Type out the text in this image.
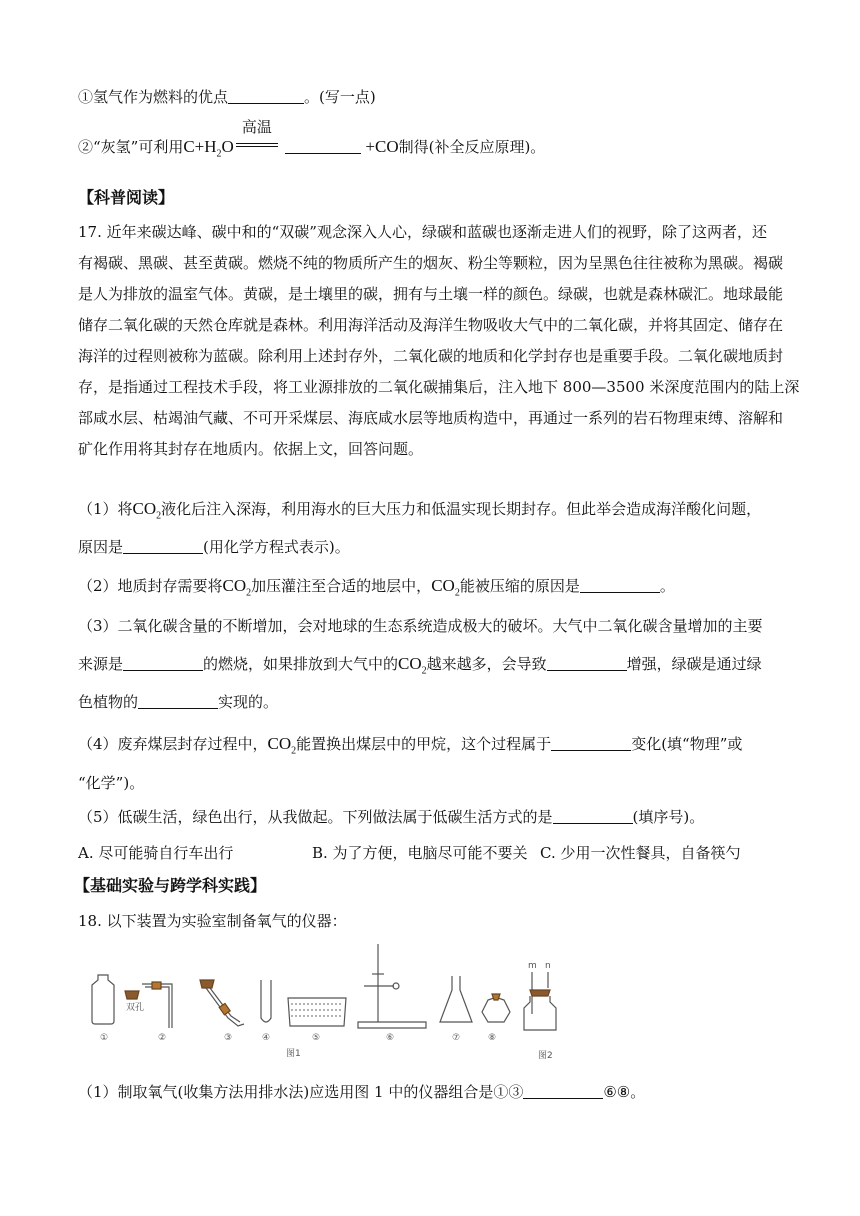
①氢气作为燃料的优点	。(写一点)
②“灰氢”可利用$C+H_2O$
高温
+CO制得(补全反应原理)。
【科普阅读】
17. 近年来碳达峰、碳中和的“双碳”观念深入人心，绿碳和蓝碳也逐渐走进人们的视野，除了这两者，还
有褐碳、黑碳、甚至黄碳。燃烧不纯的物质所产生的烟灰、粉尘等颗粒，因为呈黑色往往被称为黑碳。褐碳
是人为排放的温室气体。黄碳，是土壤里的碳，拥有与土壤一样的颜色。绿碳，也就是森林碳汇。地球最能
储存二氧化碳的天然仓库就是森林。利用海洋活动及海洋生物吸收大气中的二氧化碳，并将其固定、储存在
海洋的过程则被称为蓝碳。除利用上述封存外，二氧化碳的地质和化学封存也是重要手段。二氧化碳地质封
存，是指通过工程技术手段，将工业源排放的二氧化碳捕集后，注入地下 800—3500 米深度范围内的陆上深
部咸水层、枯竭油气藏、不可开采煤层、海底咸水层等地质构造中，再通过一系列的岩石物理束缚、溶解和
矿化作用将其封存在地质内。依据上文，回答问题。
（1）将$CO_2$液化后注入深海，利用海水的巨大压力和低温实现长期封存。但此举会造成海洋酸化问题，
原因是	(用化学方程式表示)。
（2）地质封存需要将$CO_2$加压灌注至合适的地层中，$CO_2$能被压缩的原因是	。
（3）二氧化碳含量的不断增加，会对地球的生态系统造成极大的破坏。大气中二氧化碳含量增加的主要
来源是	的燃烧，如果排放到大气中的$CO_2$越来越多，会导致	增强，绿碳是通过绿
色植物的	实现的。
（4）废弃煤层封存过程中，$CO_2$能置换出煤层中的甲烷，这个过程属于	变化(填“物理”或
“化学”)。
（5）低碳生活，绿色出行，从我做起。下列做法属于低碳生活方式的是	(填序号)。
A. 尽可能骑自行车出行	B. 为了方便，电脑尽可能不要关 C. 少用一次性餐具，自备筷勺
【基础实验与跨学科实践】
18. 以下装置为实验室制备氧气的仪器：
①	②	③	④	⑤	⑥	⑦	⑧
图1	图2
双孔
m n
（1）制取氧气(收集方法用排水法)应选用图 1 中的仪器组合是①③	⑥⑧。
